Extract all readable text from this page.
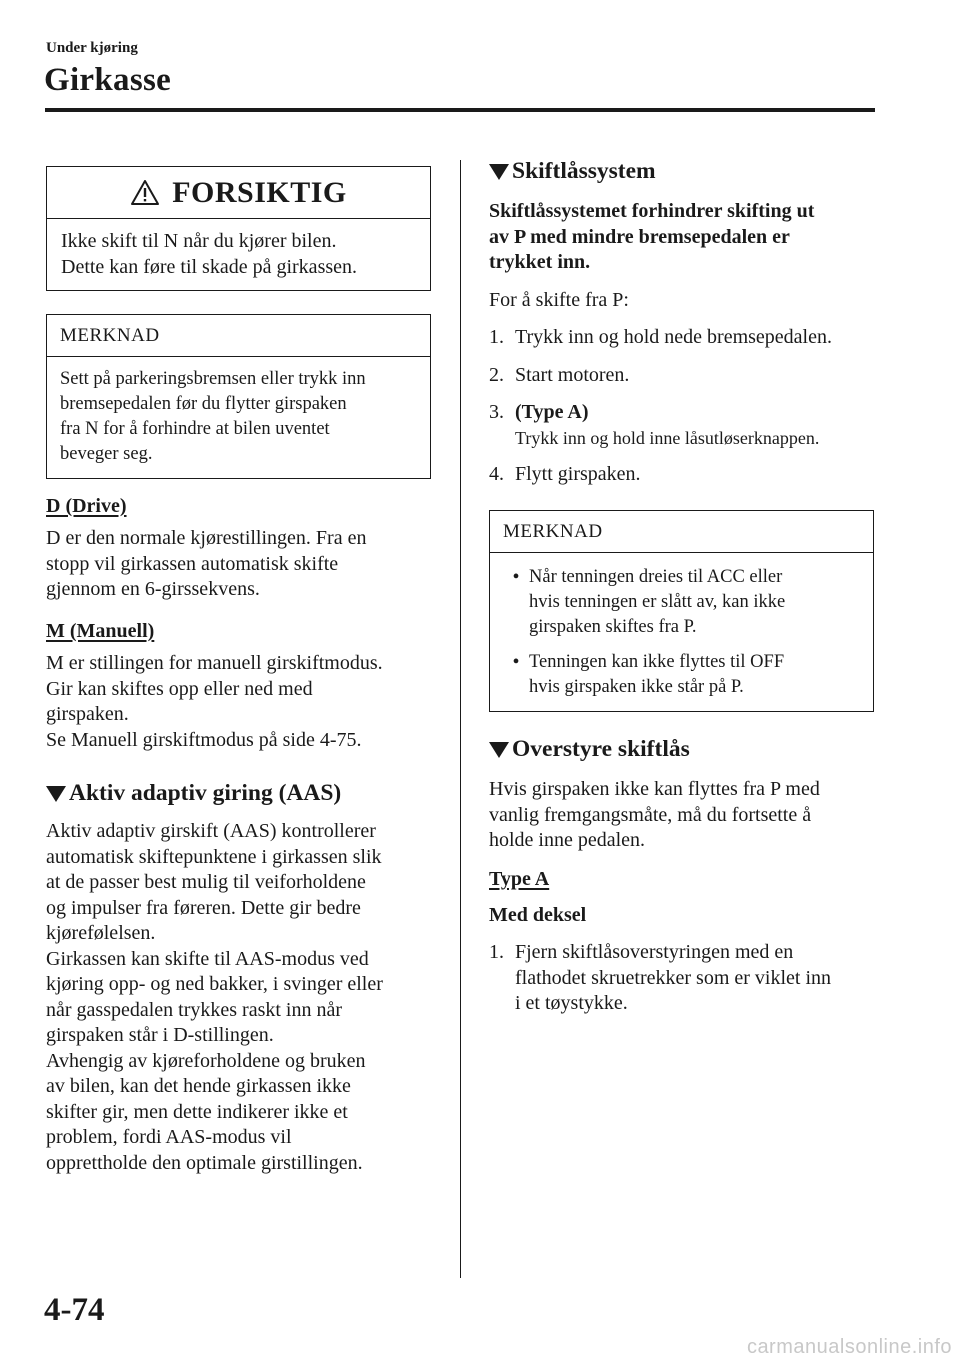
Under kjøring
Girkasse
FORSIKTIG

Ikke skift til N når du kjører bilen.

Dette kan føre til skade på girkassen.

MERKNAD

Sett på parkeringsbremsen eller trykk inn

bremsepedalen før du flytter girspaken

fra N for å forhindre at bilen uventet

beveger seg.

D (Drive)

D er den normale kjørestillingen. Fra en

stopp vil girkassen automatisk skifte

gjennom en 6-girssekvens.

M (Manuell)

M er stillingen for manuell girskiftmodus.

Gir kan skiftes opp eller ned med

girspaken.

Se Manuell girskiftmodus på side 4-75.

Aktiv adaptiv giring (AAS)

Aktiv adaptiv girskift (AAS) kontrollerer

automatisk skiftepunktene i girkassen slik

at de passer best mulig til veiforholdene

og impulser fra føreren. Dette gir bedre

kjørefølelsen.

Girkassen kan skifte til AAS-modus ved

kjøring opp- og ned bakker, i svinger eller

når gasspedalen trykkes raskt inn når

girspaken står i D-stillingen.

Avhengig av kjøreforholdene og bruken

av bilen, kan det hende girkassen ikke

skifter gir, men dette indikerer ikke et

problem, fordi AAS-modus vil

opprettholde den optimale girstillingen.

Skiftlåssystem

Skiftlåssystemet forhindrer skifting ut

av P med mindre bremsepedalen er

trykket inn.

For å skifte fra P:

1. Trykk inn og hold nede bremsepedalen.
2. Start motoren.
3. (Type A)
Trykk inn og hold inne låsutløserknappen.
4. Flytt girspaken.
MERKNAD
• Når tenningen dreies til ACC eller

hvis tenningen er slått av, kan ikke

girspaken skiftes fra P.

• Tenningen kan ikke flyttes til OFF

hvis girspaken ikke står på P.

Overstyre skiftlås

Hvis girspaken ikke kan flyttes fra P med

vanlig fremgangsmåte, må du fortsette å

holde inne pedalen.

Type A

Med deksel

1. Fjern skiftlåsoverstyringen med en

flathodet skruetrekker som er viklet inn

i et tøystykke.

4-74
carmanualsonline.info
